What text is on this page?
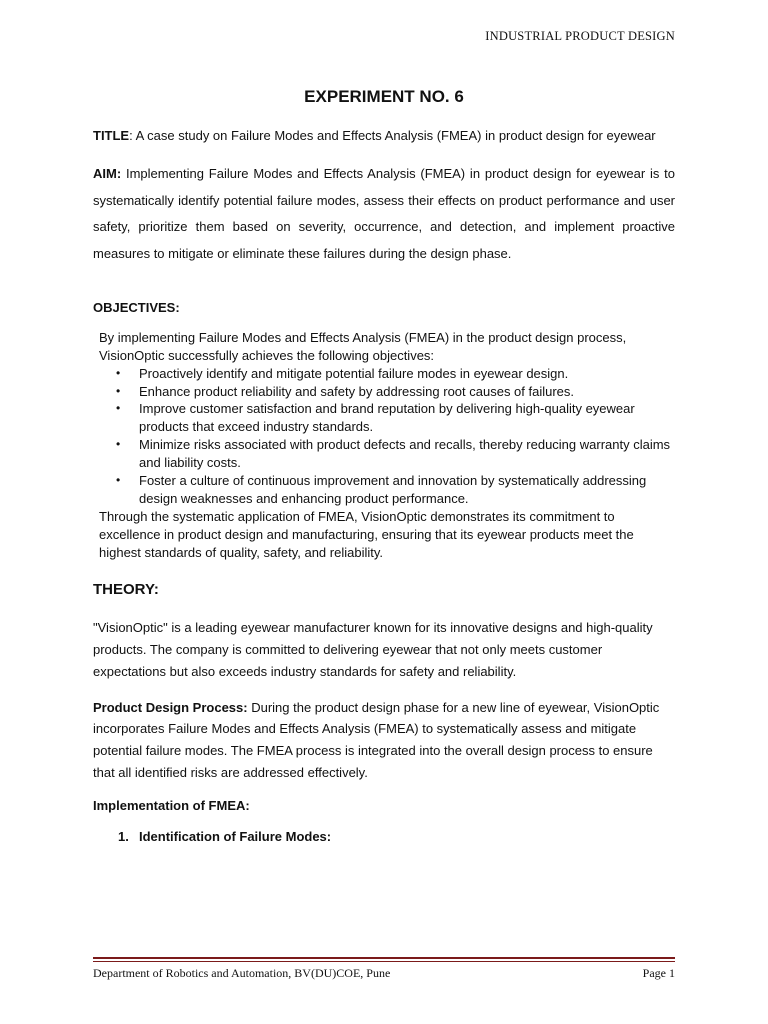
INDUSTRIAL PRODUCT DESIGN
EXPERIMENT NO. 6

TITLE: A case study on Failure Modes and Effects Analysis (FMEA) in product design for eyewear

AIM: Implementing Failure Modes and Effects Analysis (FMEA) in product design for eyewear is to systematically identify potential failure modes, assess their effects on product performance and user safety, prioritize them based on severity, occurrence, and detection, and implement proactive measures to mitigate or eliminate these failures during the design phase.

OBJECTIVES:
By implementing Failure Modes and Effects Analysis (FMEA) in the product design process, VisionOptic successfully achieves the following objectives:
• Proactively identify and mitigate potential failure modes in eyewear design.
• Enhance product reliability and safety by addressing root causes of failures.
• Improve customer satisfaction and brand reputation by delivering high-quality eyewear products that exceed industry standards.
• Minimize risks associated with product defects and recalls, thereby reducing warranty claims and liability costs.
• Foster a culture of continuous improvement and innovation by systematically addressing design weaknesses and enhancing product performance.
Through the systematic application of FMEA, VisionOptic demonstrates its commitment to excellence in product design and manufacturing, ensuring that its eyewear products meet the highest standards of quality, safety, and reliability.
THEORY:

"VisionOptic" is a leading eyewear manufacturer known for its innovative designs and high-quality products. The company is committed to delivering eyewear that not only meets customer expectations but also exceeds industry standards for safety and reliability.

Product Design Process: During the product design phase for a new line of eyewear, VisionOptic incorporates Failure Modes and Effects Analysis (FMEA) to systematically assess and mitigate potential failure modes. The FMEA process is integrated into the overall design process to ensure that all identified risks are addressed effectively.

Implementation of FMEA:
1. Identification of Failure Modes:
Department of Robotics and Automation, BV(DU)COE, Pune	Page 1
